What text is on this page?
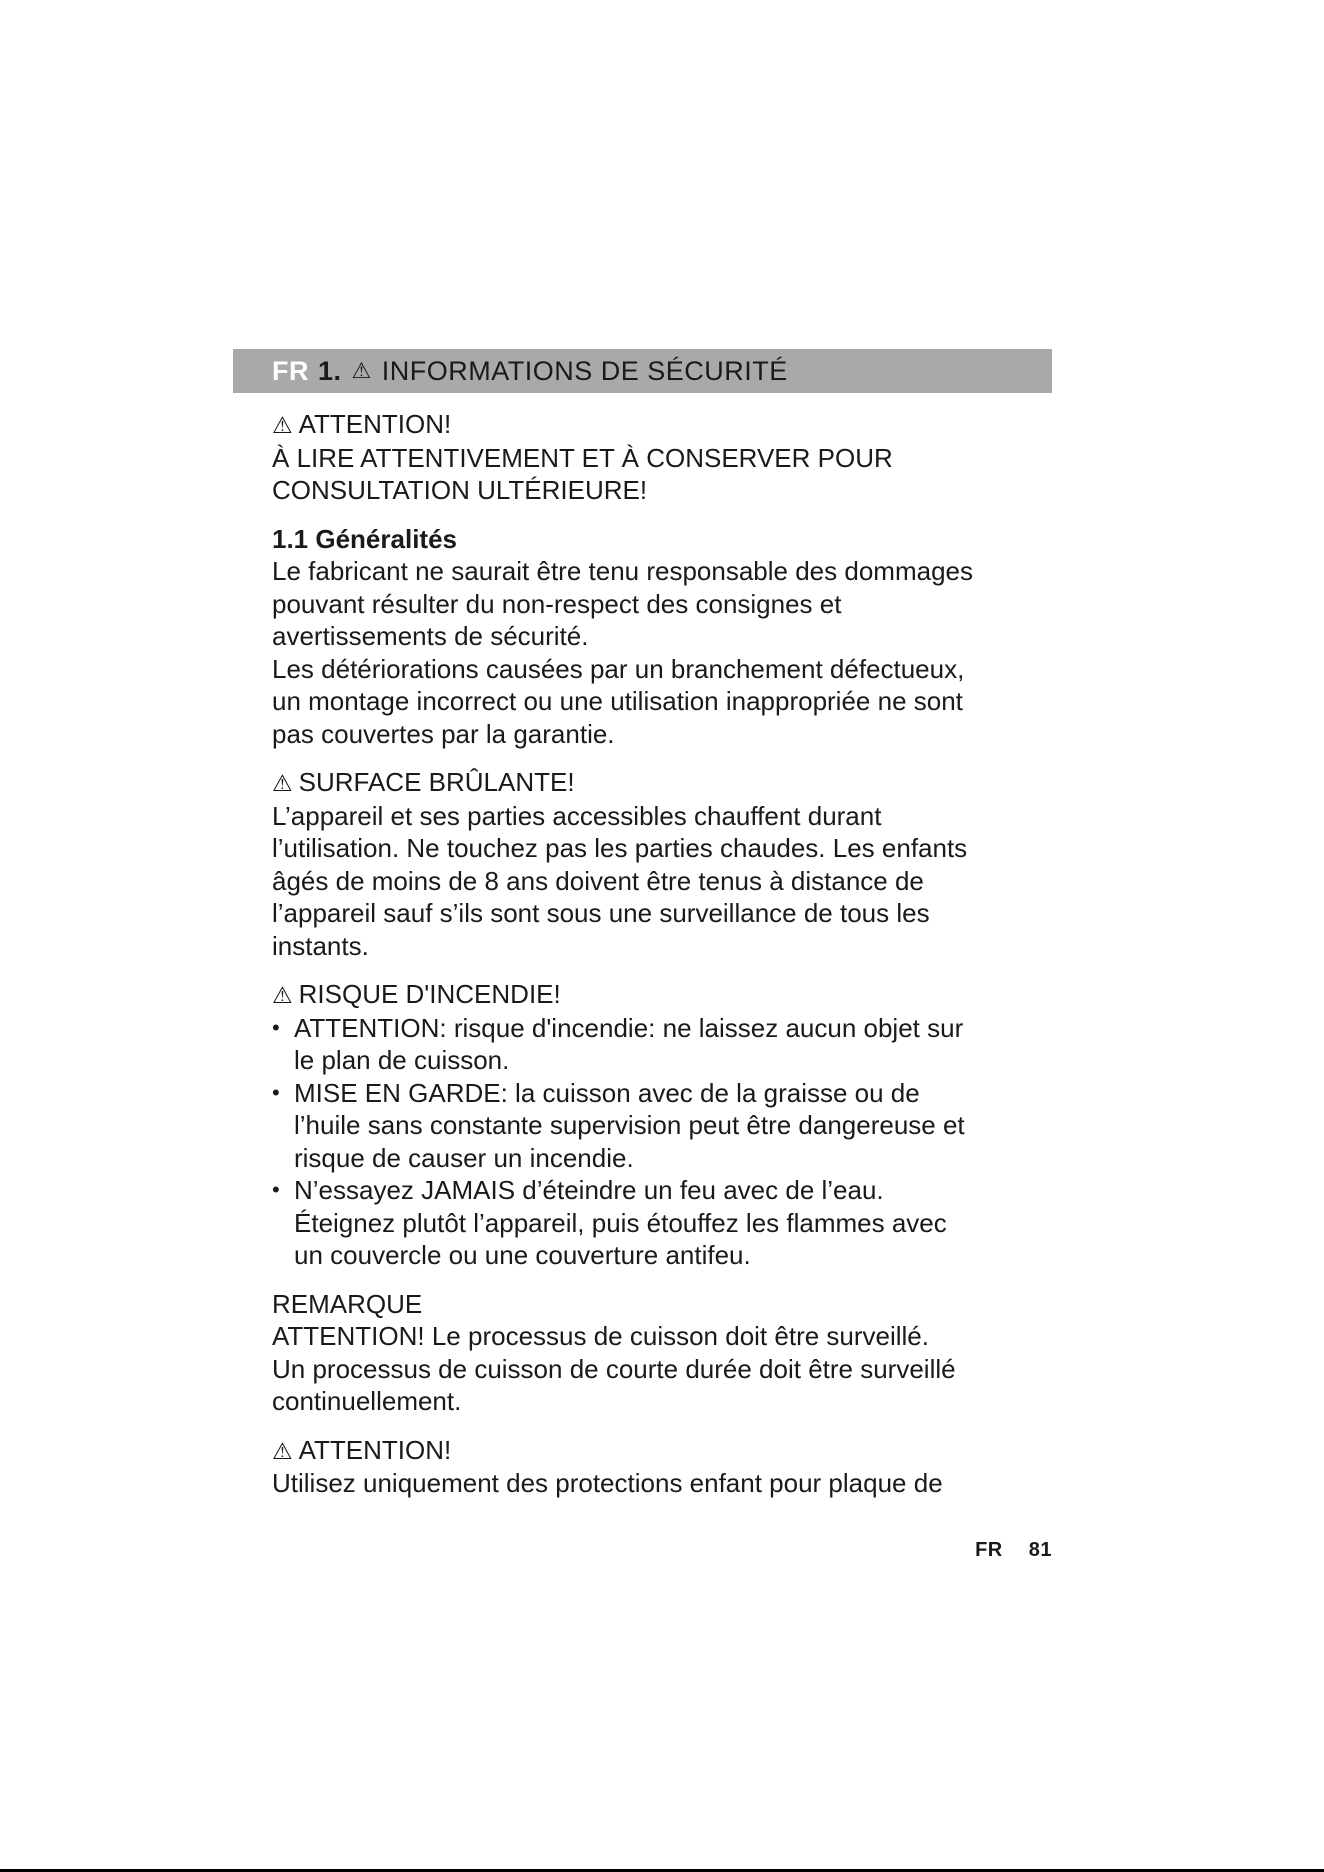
FR 1. ⚠ INFORMATIONS DE SÉCURITÉ
⚠ ATTENTION!
À LIRE ATTENTIVEMENT ET À CONSERVER POUR
CONSULTATION ULTÉRIEURE!
1.1 Généralités
Le fabricant ne saurait être tenu responsable des dommages
pouvant résulter du non-respect des consignes et
avertissements de sécurité.
Les détériorations causées par un branchement défectueux,
un montage incorrect ou une utilisation inappropriée ne sont
pas couvertes par la garantie.
⚠ SURFACE BRÛLANTE!
L’appareil et ses parties accessibles chauffent durant
l’utilisation. Ne touchez pas les parties chaudes. Les enfants
âgés de moins de 8 ans doivent être tenus à distance de
l’appareil sauf s’ils sont sous une surveillance de tous les
instants.
⚠ RISQUE D'INCENDIE!
• ATTENTION: risque d'incendie: ne laissez aucun objet sur
le plan de cuisson.
• MISE EN GARDE: la cuisson avec de la graisse ou de
l’huile sans constante supervision peut être dangereuse et
risque de causer un incendie.
• N’essayez JAMAIS d’éteindre un feu avec de l’eau.
Éteignez plutôt l’appareil, puis étouffez les flammes avec
un couvercle ou une couverture antifeu.
REMARQUE
ATTENTION! Le processus de cuisson doit être surveillé.
Un processus de cuisson de courte durée doit être surveillé
continuellement.
⚠ ATTENTION!
Utilisez uniquement des protections enfant pour plaque de
FR 81
